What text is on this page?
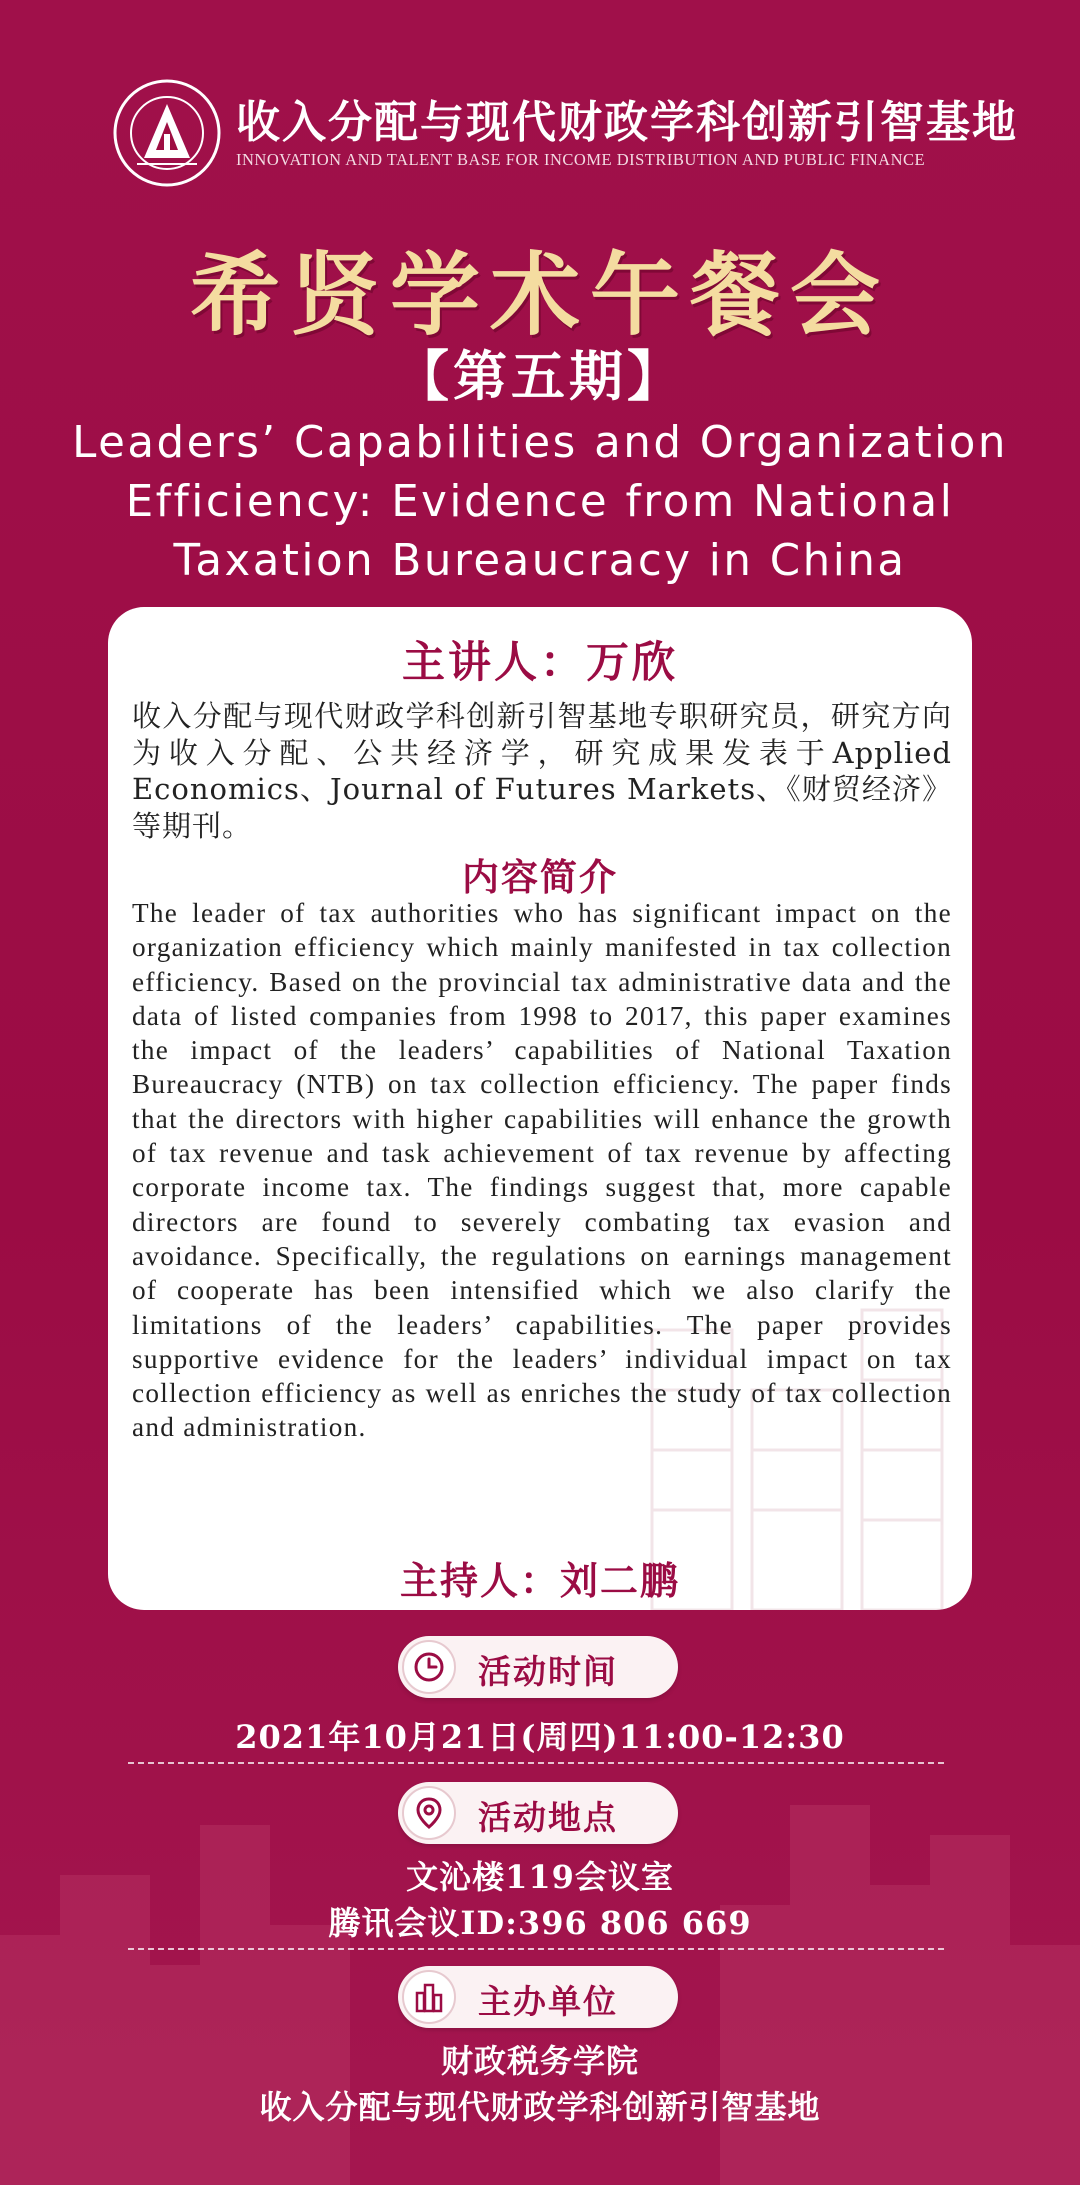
收入分配与现代财政学科创新引智基地
INNOVATION AND TALENT BASE FOR INCOME DISTRIBUTION AND PUBLIC FINANCE
希贤学术午餐会
【第五期】
Leaders’ Capabilities and Organization Efficiency: Evidence from National Taxation Bureaucracy in China
主讲人：万欣
收入分配与现代财政学科创新引智基地专职研究员，研究方向为收入分配、公共经济学，研究成果发表于Applied Economics、Journal of Futures Markets、《财贸经济》等期刊。
内容简介
The leader of tax authorities who has significant impact on the organization efficiency which mainly manifested in tax collection efficiency. Based on the provincial tax administrative data and the data of listed companies from 1998 to 2017, this paper examines the impact of the leaders’ capabilities of National Taxation Bureaucracy (NTB) on tax collection efficiency. The paper finds that the directors with higher capabilities will enhance the growth of tax revenue and task achievement of tax revenue by affecting corporate income tax. The findings suggest that, more capable directors are found to severely combating tax evasion and avoidance. Specifically, the regulations on earnings management of cooperate has been intensified which we also clarify the limitations of the leaders’ capabilities. The paper provides supportive evidence for the leaders’ individual impact on tax collection efficiency as well as enriches the study of tax collection and administration.
主持人：刘二鹏
活动时间
2021年10月21日(周四)11:00-12:30
活动地点
文沁楼119会议室
腾讯会议ID:396 806 669
主办单位
财政税务学院
收入分配与现代财政学科创新引智基地
